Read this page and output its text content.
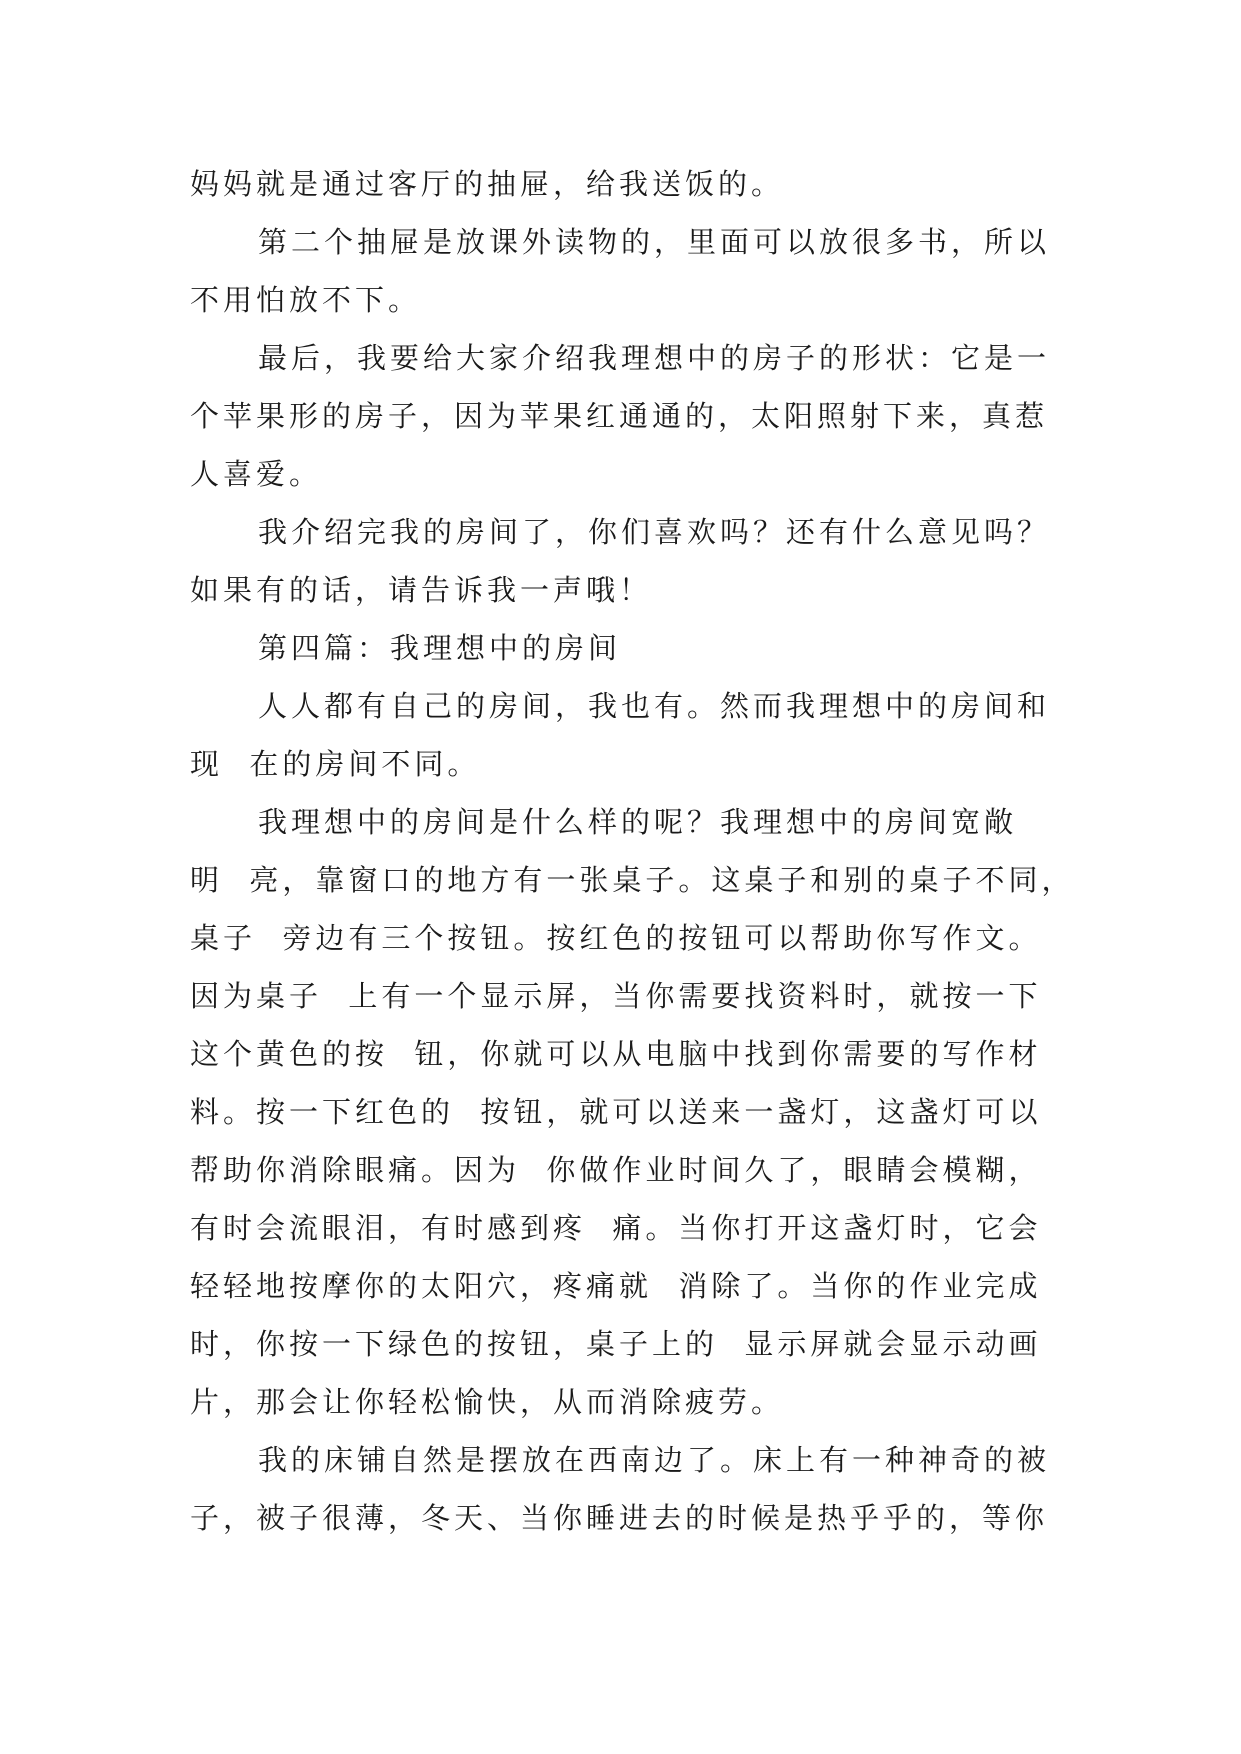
妈妈就是通过客厅的抽屉，给我送饭的。
第二个抽屉是放课外读物的，里面可以放很多书，所以
不用怕放不下。
最后，我要给大家介绍我理想中的房子的形状：它是一
个苹果形的房子，因为苹果红通通的，太阳照射下来，真惹
人喜爱。
我介绍完我的房间了，你们喜欢吗？还有什么意见吗？
如果有的话，请告诉我一声哦！
第四篇：我理想中的房间
人人都有自己的房间，我也有。然而我理想中的房间和
现  在的房间不同。
我理想中的房间是什么样的呢？我理想中的房间宽敞
明  亮，靠窗口的地方有一张桌子。这桌子和别的桌子不同，
桌子  旁边有三个按钮。按红色的按钮可以帮助你写作文。
因为桌子  上有一个显示屏，当你需要找资料时，就按一下
这个黄色的按  钮，你就可以从电脑中找到你需要的写作材
料。按一下红色的  按钮，就可以送来一盏灯，这盏灯可以
帮助你消除眼痛。因为  你做作业时间久了，眼睛会模糊，
有时会流眼泪，有时感到疼  痛。当你打开这盏灯时，它会
轻轻地按摩你的太阳穴，疼痛就  消除了。当你的作业完成
时，你按一下绿色的按钮，桌子上的  显示屏就会显示动画
片，那会让你轻松愉快，从而消除疲劳。
我的床铺自然是摆放在西南边了。床上有一种神奇的被
子，被子很薄，冬天、当你睡进去的时候是热乎乎的，等你
